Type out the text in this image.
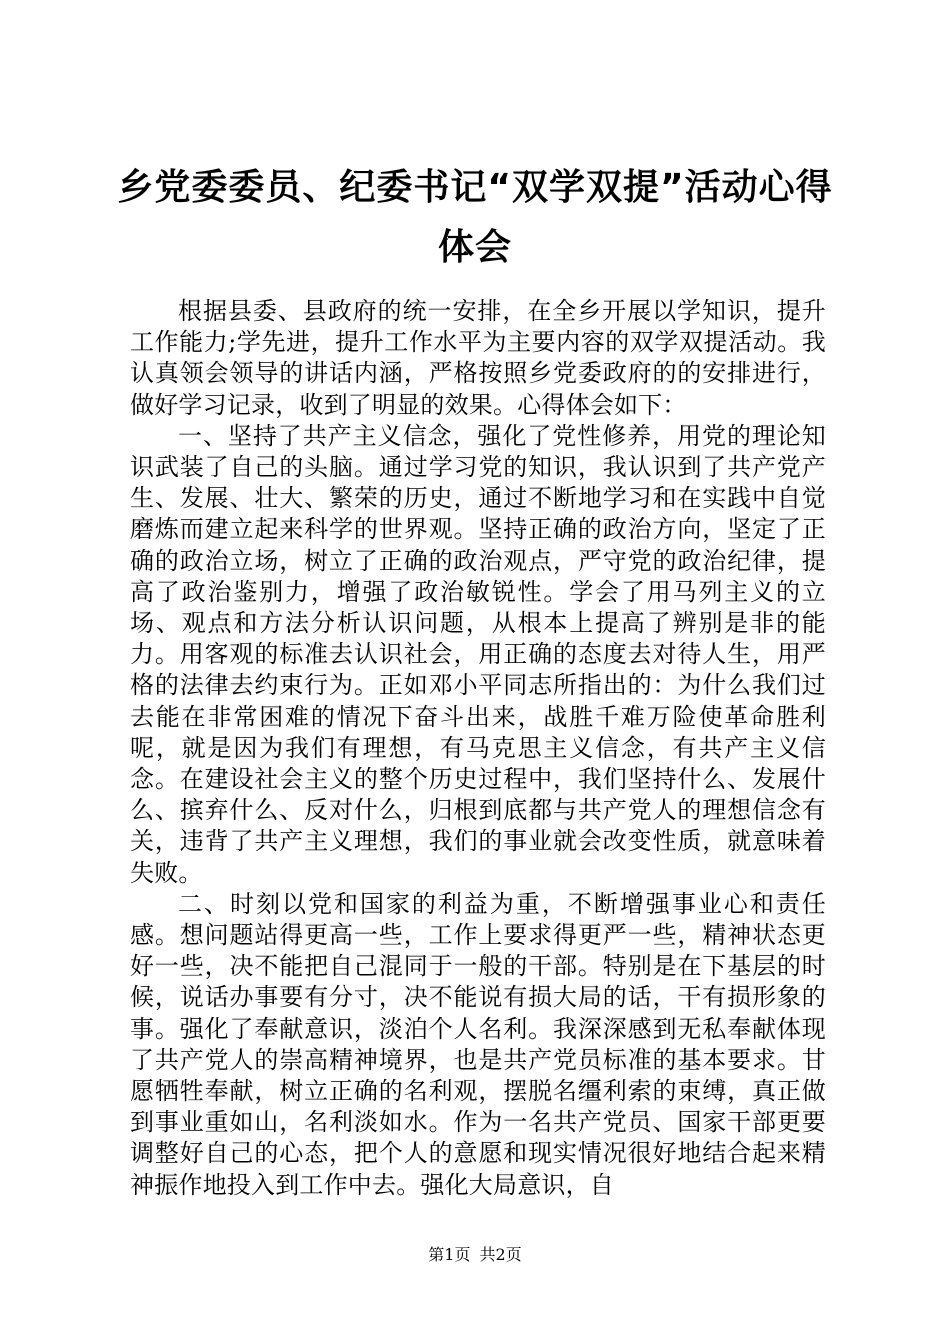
乡党委委员、纪委书记“双学双提”活动心得体会

根据县委、县政府的统一安排，在全乡开展以学知识，提升工作能力;学先进，提升工作水平为主要内容的双学双提活动。我认真领会领导的讲话内涵，严格按照乡党委政府的的安排进行，做好学习记录，收到了明显的效果。心得体会如下：

一、坚持了共产主义信念，强化了党性修养，用党的理论知识武装了自己的头脑。通过学习党的知识，我认识到了共产党产生、发展、壮大、繁荣的历史，通过不断地学习和在实践中自觉磨炼而建立起来科学的世界观。坚持正确的政治方向，坚定了正确的政治立场，树立了正确的政治观点，严守党的政治纪律，提高了政治鉴别力，增强了政治敏锐性。学会了用马列主义的立场、观点和方法分析认识问题，从根本上提高了辨别是非的能力。用客观的标准去认识社会，用正确的态度去对待人生，用严格的法律去约束行为。正如邓小平同志所指出的：为什么我们过去能在非常困难的情况下奋斗出来，战胜千难万险使革命胜利呢，就是因为我们有理想，有马克思主义信念，有共产主义信念。在建设社会主义的整个历史过程中，我们坚持什么、发展什么、摈弃什么、反对什么，归根到底都与共产党人的理想信念有关，违背了共产主义理想，我们的事业就会改变性质，就意味着失败。

二、时刻以党和国家的利益为重，不断增强事业心和责任感。想问题站得更高一些，工作上要求得更严一些，精神状态更好一些，决不能把自己混同于一般的干部。特别是在下基层的时候，说话办事要有分寸，决不能说有损大局的话，干有损形象的事。强化了奉献意识，淡泊个人名利。我深深感到无私奉献体现了共产党人的崇高精神境界，也是共产党员标准的基本要求。甘愿牺牲奉献，树立正确的名利观，摆脱名缰利索的束缚，真正做到事业重如山，名利淡如水。作为一名共产党员、国家干部更要调整好自己的心态，把个人的意愿和现实情况很好地结合起来精神振作地投入到工作中去。强化大局意识，自

第1页 共2页
